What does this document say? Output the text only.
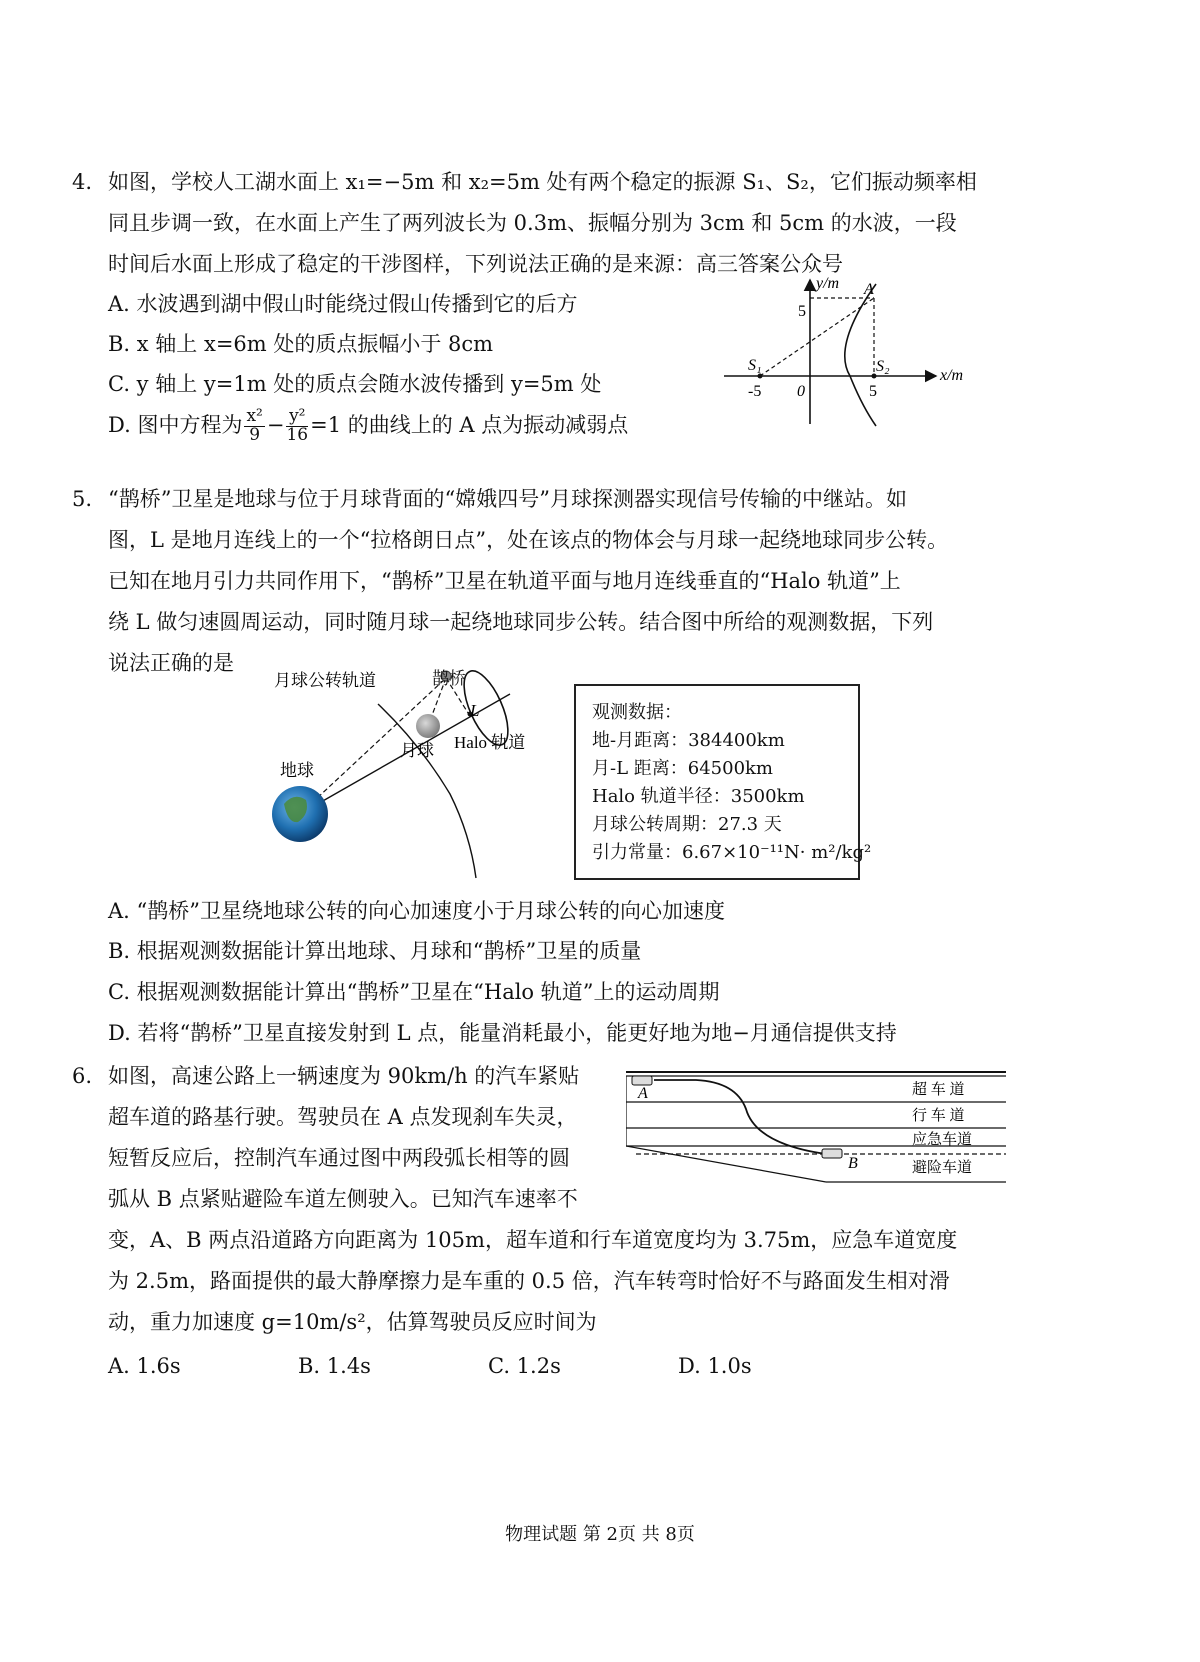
4. 如图，学校人工湖水面上 x₁=−5m 和 x₂=5m 处有两个稳定的振源 S₁、S₂，它们振动频率相
同且步调一致，在水面上产生了两列波长为 0.3m、振幅分别为 3cm 和 5cm 的水波，一段
时间后水面上形成了稳定的干涉图样，下列说法正确的是来源：高三答案公众号
A. 水波遇到湖中假山时能绕过假山传播到它的后方
B. x 轴上 x=6m 处的质点振幅小于 8cm
C. y 轴上 y=1m 处的质点会随水波传播到 y=5m 处
D. 图中方程为 $\frac{\text{x²}}{9} - \frac{\text{y²}}{16} =1$ 的曲线上的 A 点为振动减弱点
y/m
x/m
A
S₁	S₂
5
-5 0	5
5. “鹊桥”卫星是地球与位于月球背面的“嫦娥四号”月球探测器实现信号传输的中继站。如
图，L 是地月连线上的一个“拉格朗日点”，处在该点的物体会与月球一起绕地球同步公转。
已知在地月引力共同作用下，“鹊桥”卫星在轨道平面与地月连线垂直的“Halo 轨道”上
绕 L 做匀速圆周运动，同时随月球一起绕地球同步公转。结合图中所给的观测数据，下列
说法正确的是
月球公转轨道
L
Halo 轨道
月球
地球
鹊桥
观测数据：
地-月距离：384400km
月-L 距离：64500km
Halo 轨道半径：3500km
月球公转周期：27.3 天
引力常量：6.67×10⁻¹¹N· m²/kg²
A. “鹊桥”卫星绕地球公转的向心加速度小于月球公转的向心加速度
B. 根据观测数据能计算出地球、月球和“鹊桥”卫星的质量
C. 根据观测数据能计算出“鹊桥”卫星在“Halo 轨道”上的运动周期
D. 若将“鹊桥”卫星直接发射到 L 点，能量消耗最小，能更好地为地−月通信提供支持
6. 如图，高速公路上一辆速度为 90km/h 的汽车紧贴
超车道的路基行驶。驾驶员在 A 点发现刹车失灵，
短暂反应后，控制汽车通过图中两段弧长相等的圆
弧从 B 点紧贴避险车道左侧驶入。已知汽车速率不
变，A、B 两点沿道路方向距离为 105m，超车道和行车道宽度均为 3.75m，应急车道宽度
为 2.5m，路面提供的最大静摩擦力是车重的 0.5 倍，汽车转弯时恰好不与路面发生相对滑
动，重力加速度 g=10m/s²，估算驾驶员反应时间为
A. 1.6s	B. 1.4s	C. 1.2s	D. 1.0s
A
B
超 车 道
行 车 道
应急车道
避险车道
物理试题 第 2页 共 8页
